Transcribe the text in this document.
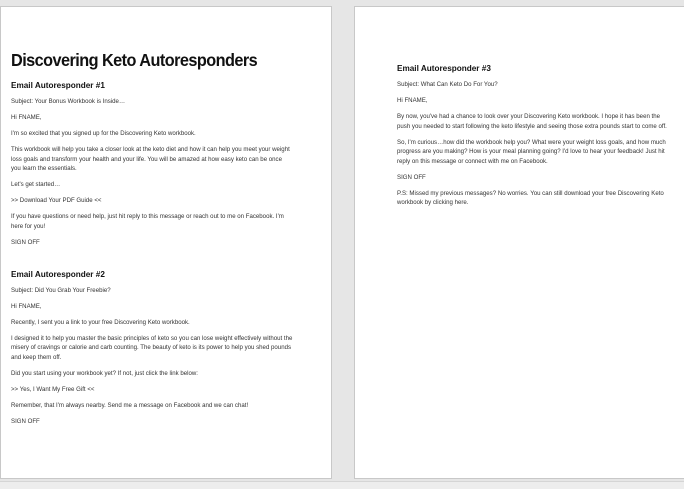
Discovering Keto Autoresponders
Email Autoresponder #1

Subject: Your Bonus Workbook is Inside…

Hi FNAME,

I'm so excited that you signed up for the Discovering Keto workbook.

This workbook will help you take a closer look at the keto diet and how it can help you meet your weight loss goals and transform your health and your life. You will be amazed at how easy keto can be once you learn the essentials.

Let's get started…

>> Download Your PDF Guide <<

If you have questions or need help, just hit reply to this message or reach out to me on Facebook. I'm here for you!

SIGN OFF

Email Autoresponder #2

Subject: Did You Grab Your Freebie?

Hi FNAME,

Recently, I sent you a link to your free Discovering Keto workbook.

I designed it to help you master the basic principles of keto so you can lose weight effectively without the misery of cravings or calorie and carb counting. The beauty of keto is its power to help you shed pounds and keep them off.

Did you start using your workbook yet? If not, just click the link below:

>> Yes, I Want My Free Gift <<

Remember, that I'm always nearby. Send me a message on Facebook and we can chat!

SIGN OFF

Email Autoresponder #3

Subject: What Can Keto Do For You?

Hi FNAME,

By now, you've had a chance to look over your Discovering Keto workbook. I hope it has been the push you needed to start following the keto lifestyle and seeing those extra pounds start to come off.

So, I'm curious…how did the workbook help you? What were your weight loss goals, and how much progress are you making? How is your meal planning going? I'd love to hear your feedback! Just hit reply on this message or connect with me on Facebook.

SIGN OFF

P.S: Missed my previous messages? No worries. You can still download your free Discovering Keto workbook by clicking here.
